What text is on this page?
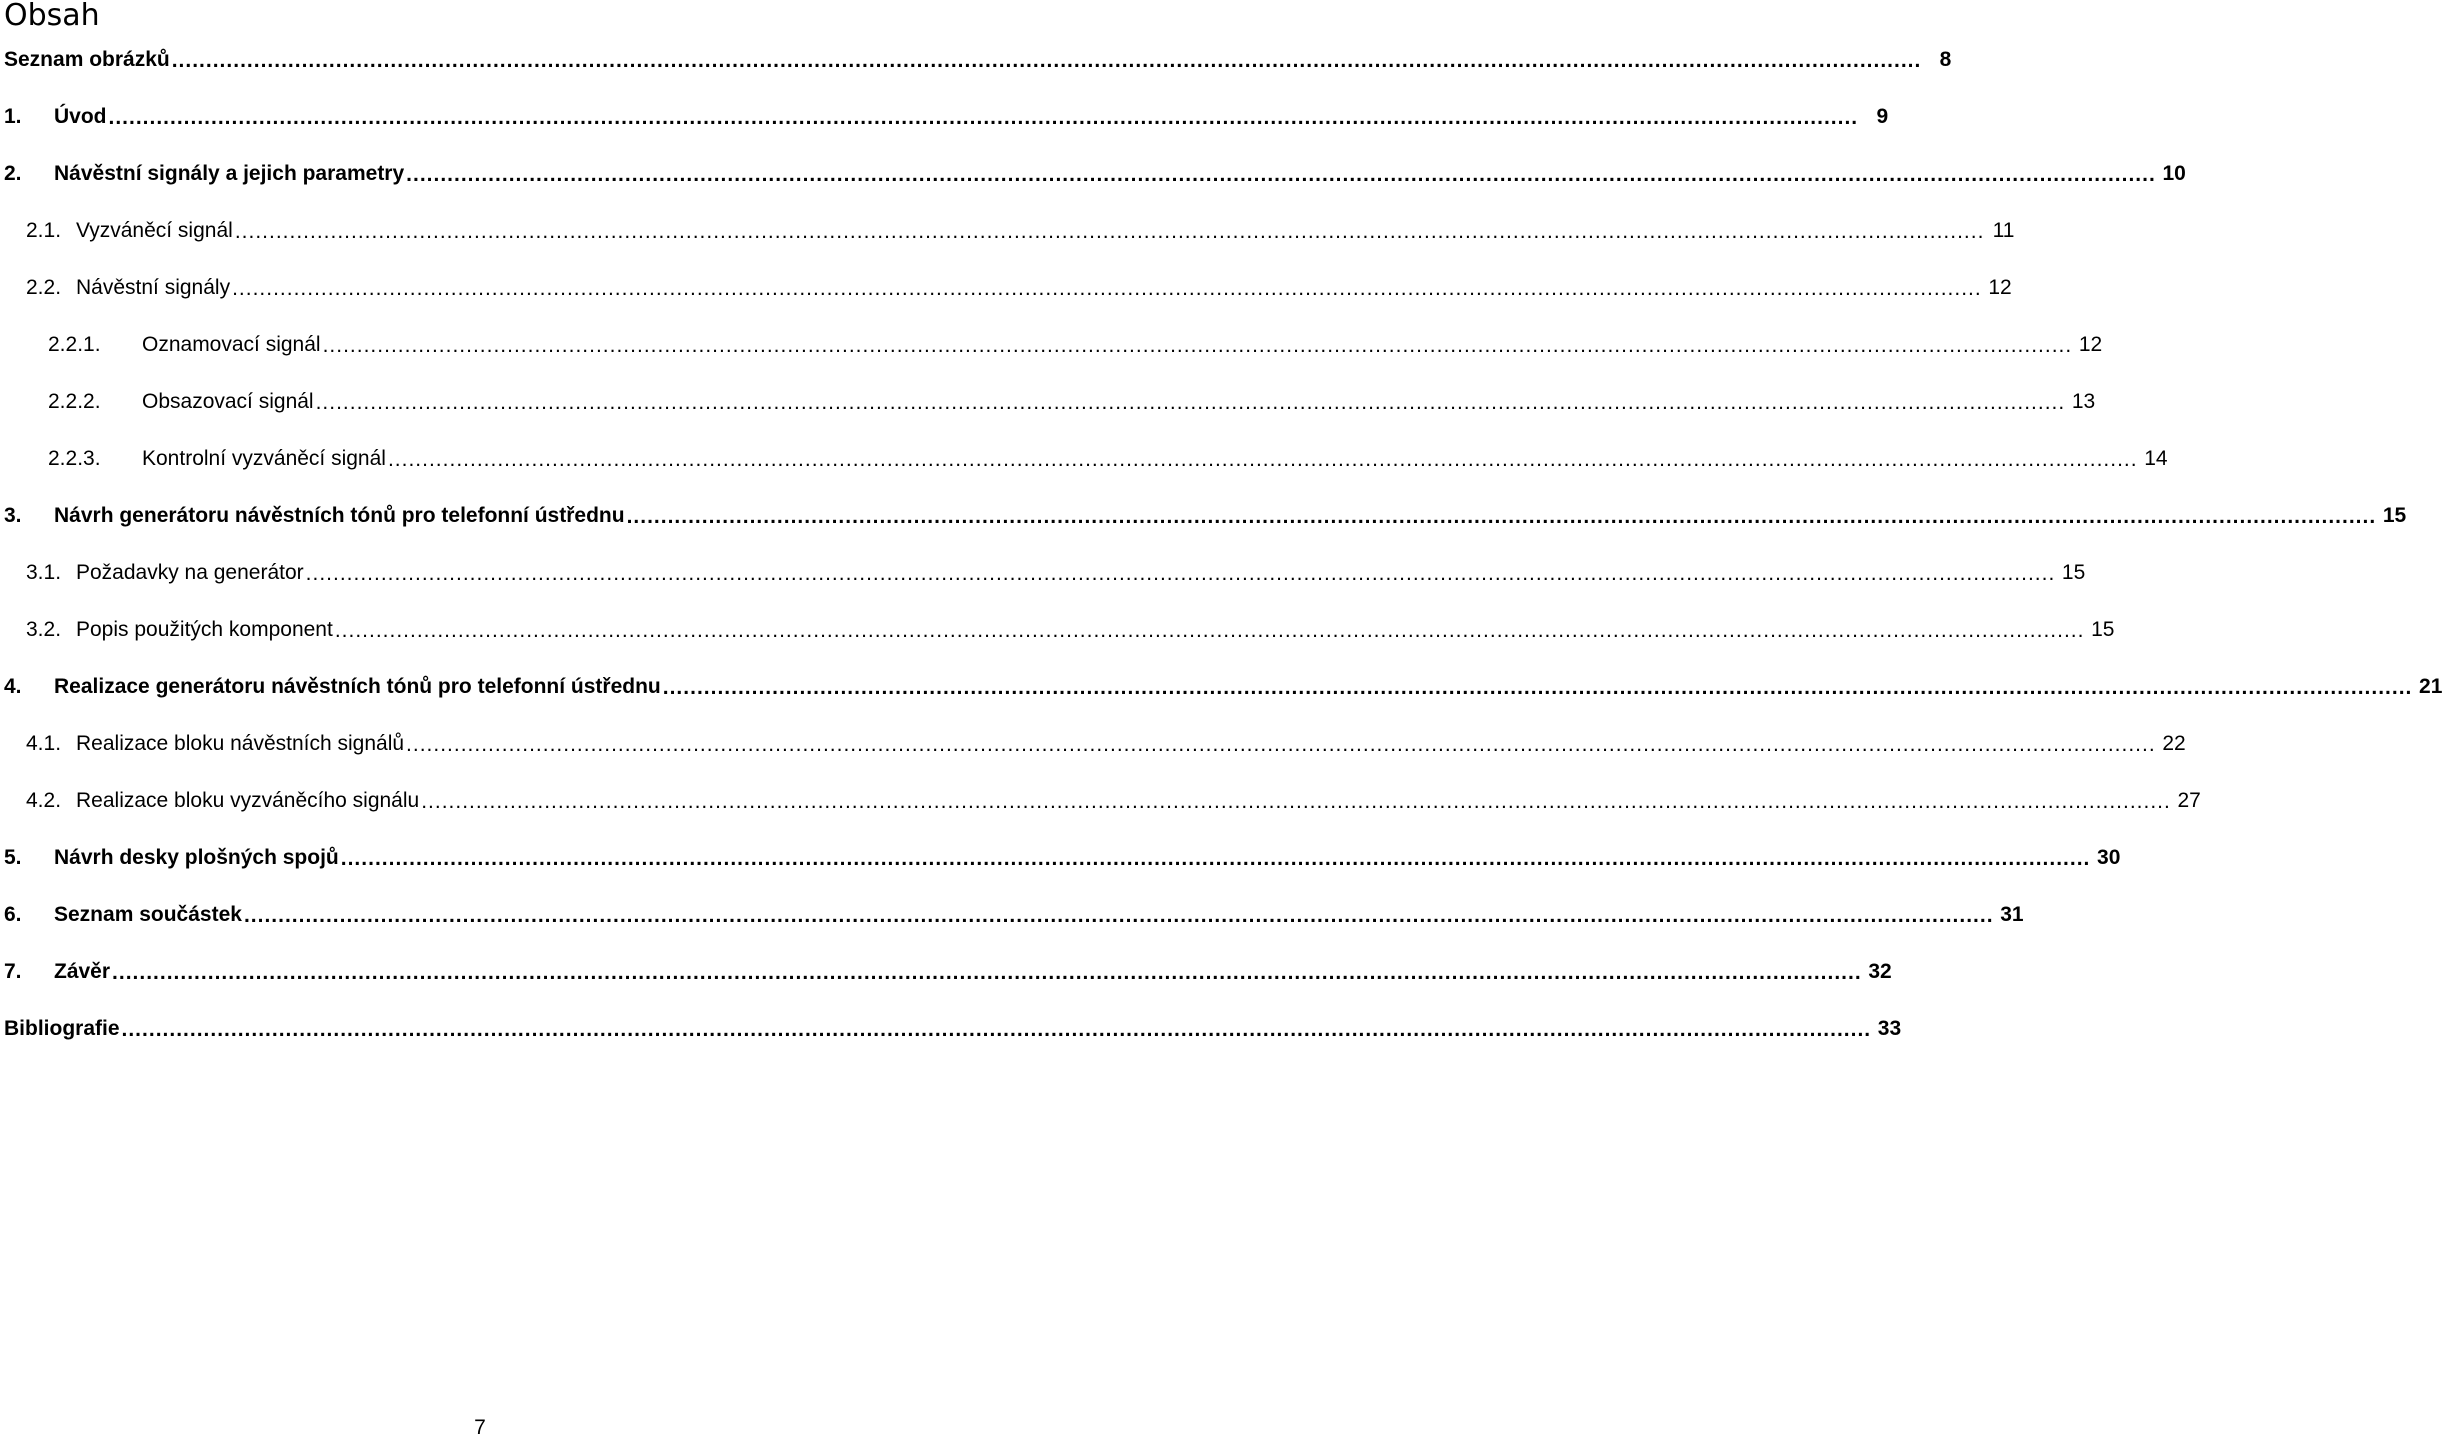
Obsah
Seznam obrázků .....	8
1.	Úvod .....	9
2.	Návěstní signály a jejich parametry .....	10
2.1. Vyzváněcí signál .....	11
2.2. Návěstní signály .....	12
2.2.1.	Oznamovací signál .....	12
2.2.2.	Obsazovací signál .....	13
2.2.3.	Kontrolní vyzváněcí signál .....	14
3.	Návrh generátoru návěstních tónů pro telefonní ústřednu .....	15
3.1. Požadavky na generátor .....	15
3.2. Popis použitých komponent .....	15
4.	Realizace generátoru návěstních tónů pro telefonní ústřednu .....	21
4.1. Realizace bloku návěstních signálů .....	22
4.2. Realizace bloku vyzváněcího signálu .....	27
5.	Návrh desky plošných spojů .....	30
6.	Seznam součástek .....	31
7.	Závěr .....	32
Bibliografie .....	33
7
